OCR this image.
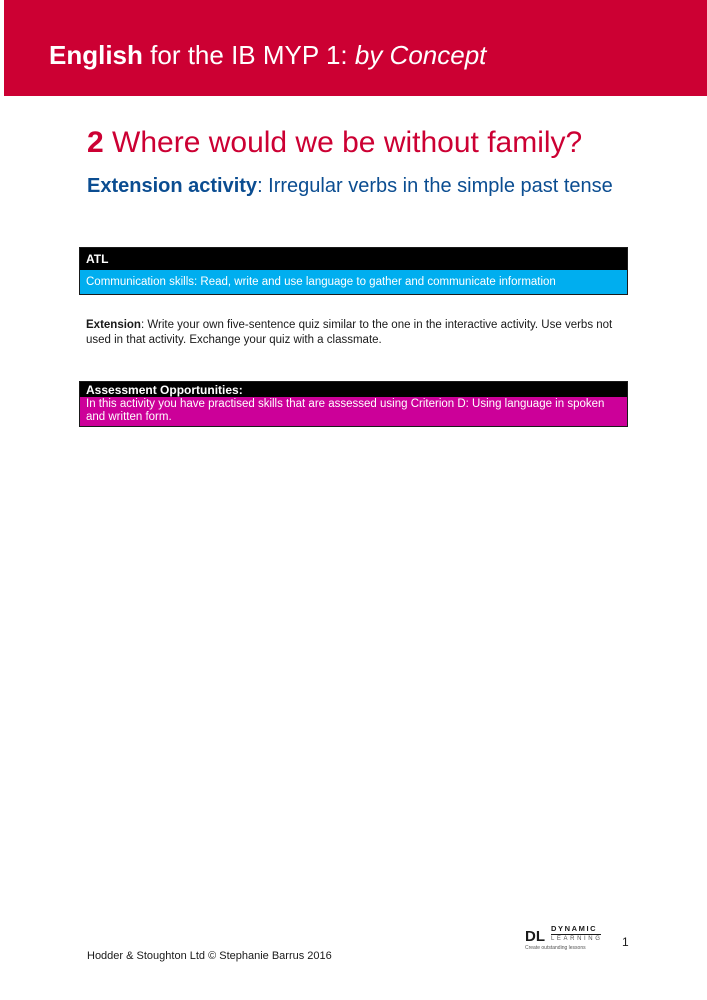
English for the IB MYP 1: by Concept
2 Where would we be without family?
Extension activity: Irregular verbs in the simple past tense
ATL
Communication skills: Read, write and use language to gather and communicate information
Extension: Write your own five-sentence quiz similar to the one in the interactive activity. Use verbs not used in that activity. Exchange your quiz with a classmate.
Assessment Opportunities:
In this activity you have practised skills that are assessed using Criterion D: Using language in spoken and written form.
DL DYNAMIC
LEARNING
Create outstanding lessons	1
Hodder & Stoughton Ltd © Stephanie Barrus 2016
